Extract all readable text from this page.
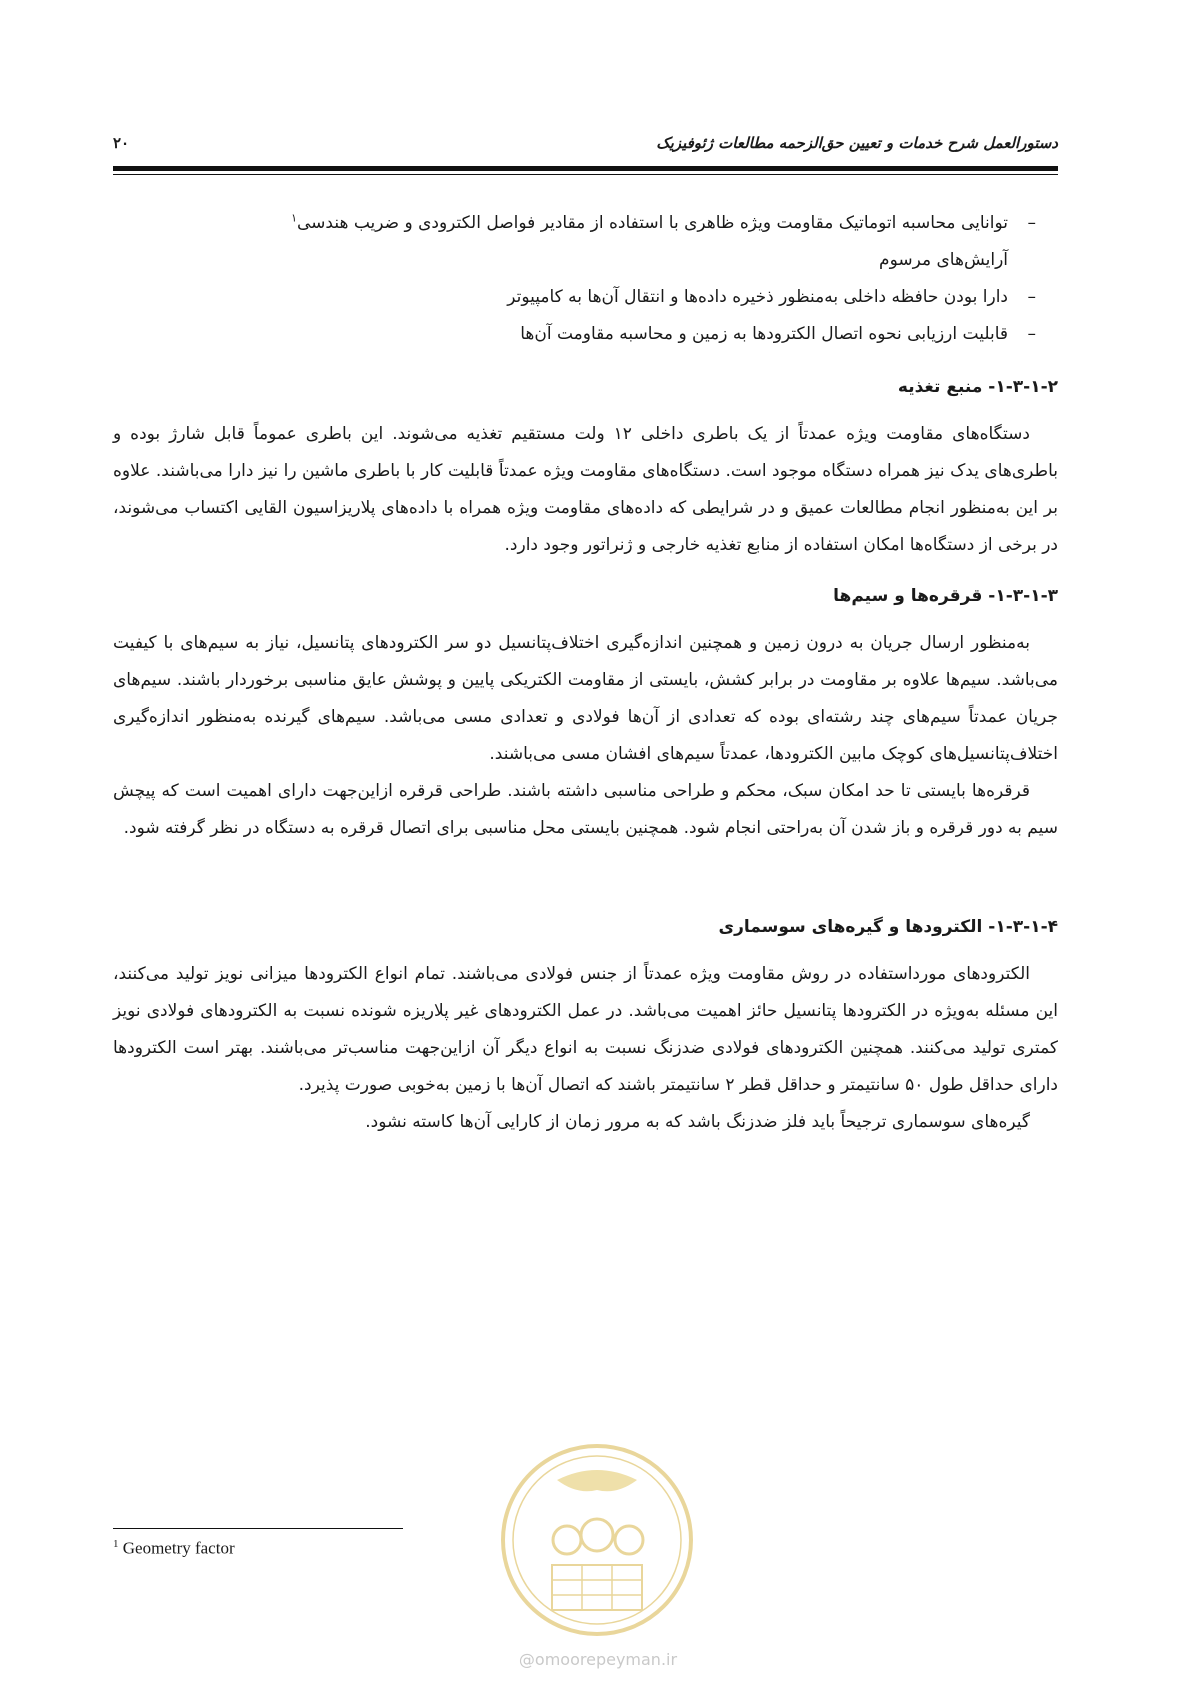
دستورالعمل شرح خدمات و تعیین حق‌الزحمه مطالعات ژئوفیزیک
۲۰
– توانایی محاسبه اتوماتیک مقاومت ویژه ظاهری با استفاده از مقادیر فواصل الکترودی و ضریب هندسی$^۱$
آرایش‌های مرسوم
– دارا بودن حافظه داخلی به‌منظور ذخیره داده‌ها و انتقال آن‌ها به کامپیوتر
– قابلیت ارزیابی نحوه اتصال الکترودها به زمین و محاسبه مقاومت آن‌ها
۱-۳-۱-۲- منبع تغذیه

دستگاه‌های مقاومت ویژه عمدتاً از یک باطری داخلی ۱۲ ولت مستقیم تغذیه می‌شوند. این باطری عموماً قابل شارژ بوده و باطری‌های یدک نیز همراه دستگاه موجود است. دستگاه‌های مقاومت ویژه عمدتاً قابلیت کار با باطری ماشین را نیز دارا می‌باشند. علاوه بر این به‌منظور انجام مطالعات عمیق و در شرایطی که داده‌های مقاومت ویژه همراه با داده‌های پلاریزاسیون القایی اکتساب می‌شوند، در برخی از دستگاه‌ها امکان استفاده از منابع تغذیه خارجی و ژنراتور وجود دارد.

۱-۳-۱-۳- قرقره‌ها و سیم‌ها

به‌منظور ارسال جریان به درون زمین و همچنین اندازه‌گیری اختلاف‌پتانسیل دو سر الکترودهای پتانسیل، نیاز به سیم‌های با کیفیت می‌باشد. سیم‌ها علاوه بر مقاومت در برابر کشش، بایستی از مقاومت الکتریکی پایین و پوشش عایق مناسبی برخوردار باشند. سیم‌های جریان عمدتاً سیم‌های چند رشته‌ای بوده که تعدادی از آن‌ها فولادی و تعدادی مسی می‌باشد. سیم‌های گیرنده به‌منظور اندازه‌گیری اختلاف‌پتانسیل‌های کوچک مابین الکترودها، عمدتاً سیم‌های افشان مسی می‌باشند.

قرقره‌ها بایستی تا حد امکان سبک، محکم و طراحی مناسبی داشته باشند. طراحی قرقره ازاین‌جهت دارای اهمیت است که پیچش سیم به دور قرقره و باز شدن آن به‌راحتی انجام شود. همچنین بایستی محل مناسبی برای اتصال قرقره به دستگاه در نظر گرفته شود.

۱-۳-۱-۴- الکترودها و گیره‌های سوسماری

الکترودهای مورداستفاده در روش مقاومت ویژه عمدتاً از جنس فولادی می‌باشند. تمام انواع الکترودها میزانی نویز تولید می‌کنند، این مسئله به‌ویژه در الکترودها پتانسیل حائز اهمیت می‌باشد. در عمل الکترودهای غیر پلاریزه شونده نسبت به الکترودهای فولادی نویز کمتری تولید می‌کنند. همچنین الکترودهای فولادی ضدزنگ نسبت به انواع دیگر آن ازاین‌جهت مناسب‌تر می‌باشند. بهتر است الکترودها دارای حداقل طول ۵۰ سانتیمتر و حداقل قطر ۲ سانتیمتر باشند که اتصال آن‌ها با زمین به‌خوبی صورت پذیرد.

گیره‌های سوسماری ترجیحاً باید فلز ضدزنگ باشد که به مرور زمان از کارایی آن‌ها کاسته نشود.

$^1$ Geometry factor
@omoorepeyman.ir
